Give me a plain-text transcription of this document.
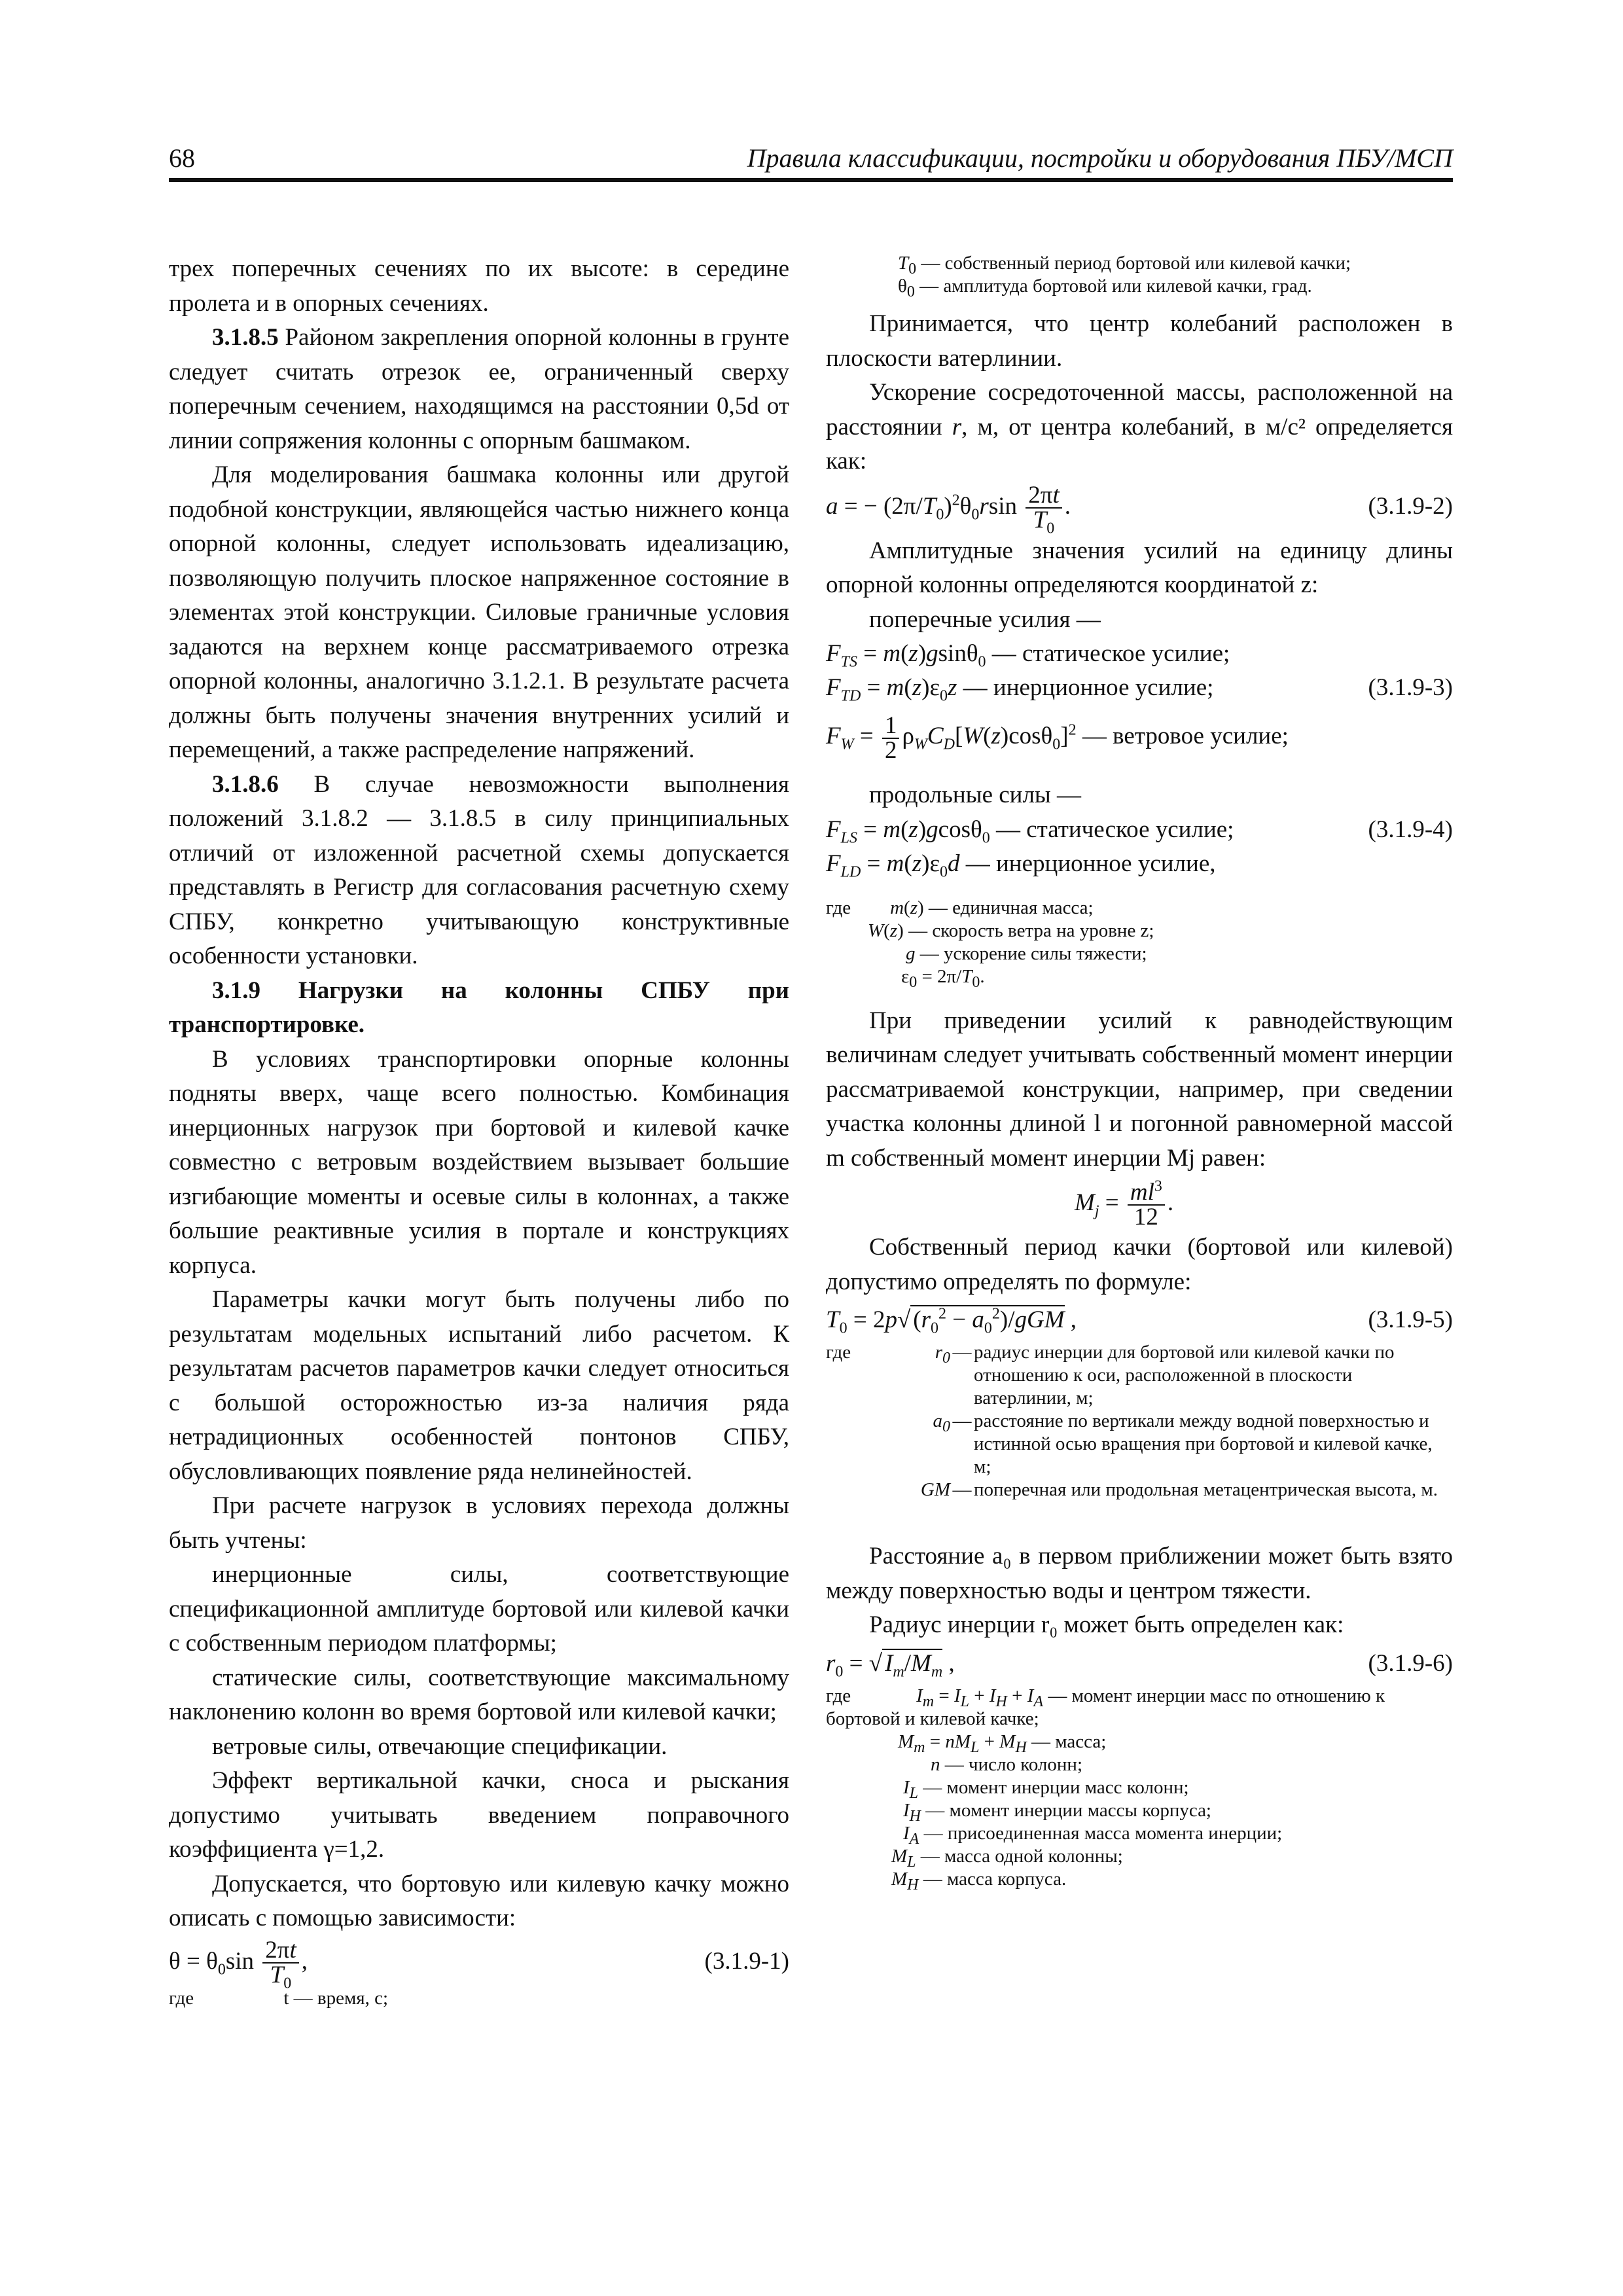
68	Правила классификации, постройки и оборудования ПБУ/МСП

трех поперечных сечениях по их высоте: в середине пролета и в опорных сечениях.

3.1.8.5 Районом закрепления опорной колонны в грунте следует считать отрезок ее, ограниченный сверху поперечным сечением, находящимся на расстоянии 0,5d от линии сопряжения колонны с опорным башмаком.

Для моделирования башмака колонны или другой подобной конструкции, являющейся частью нижнего конца опорной колонны, следует использовать идеализацию, позволяющую получить плоское напряженное состояние в элементах этой конструкции. Силовые граничные условия задаются на верхнем конце рассматриваемого отрезка опорной колонны, аналогично 3.1.2.1. В результате расчета должны быть получены значения внутренних усилий и перемещений, а также распределение напряжений.

3.1.8.6 В случае невозможности выполнения положений 3.1.8.2 — 3.1.8.5 в силу принципиальных отличий от изложенной расчетной схемы допускается представлять в Регистр для согласования расчетную схему СПБУ, конкретно учитывающую конструктивные особенности установки.

3.1.9 Нагрузки на колонны СПБУ при транспортировке.

В условиях транспортировки опорные колонны подняты вверх, чаще всего полностью. Комбинация инерционных нагрузок при бортовой и килевой качке совместно с ветровым воздействием вызывает большие изгибающие моменты и осевые силы в колоннах, а также большие реактивные усилия в портале и конструкциях корпуса.

Параметры качки могут быть получены либо по результатам модельных испытаний либо расчетом. К результатам расчетов параметров качки следует относиться с большой осторожностью из-за наличия ряда нетрадиционных особенностей понтонов СПБУ, обусловливающих появление ряда нелинейностей.

При расчете нагрузок в условиях перехода должны быть учтены:

инерционные силы, соответствующие спецификационной амплитуде бортовой или килевой качки с собственным периодом платформы;

статические силы, соответствующие максимальному наклонению колонн во время бортовой или килевой качки;

ветровые силы, отвечающие спецификации.

Эффект вертикальной качки, сноса и рыскания допустимо учитывать введением поправочного коэффициента γ=1,2.

Допускается, что бортовую или килевую качку можно описать с помощью зависимости:

$\theta = \theta_0\sin \frac{2\pi t}{T_0}$ ,	(3.1.9-1)
где	t — время, с;
$T_0$ — собственный период бортовой или килевой качки;
$\theta_0$ — амплитуда бортовой или килевой качки, град.

Принимается, что центр колебаний расположен в плоскости ватерлинии.

Ускорение сосредоточенной массы, расположенной на расстоянии r, м, от центра колебаний, в м/с² определяется как:

a = − $(2\pi/T_0)^2\theta_0rsin \frac{2\pi t}{T_0}$ .	(3.1.9-2)

Амплитудные значения усилий на единицу длины опорной колонны определяются координатой z:

поперечные усилия —

$F_{TS} = m(z)gsin\theta_0$ — статическое усилие;
$F_{TD} = m(z)\varepsilon_0z$ — инерционное усилие;	(3.1.9-3)
$F_W = \frac{1}{2} \rho_WC_D[W(z)\cos\theta_0]^2$ — ветровое усилие;

продольные силы —

$F_{LS} = m(z)gcos\theta_0$ — статическое усилие;	(3.1.9-4)
$F_{LD} = m(z)\varepsilon_0d$ — инерционное усилие,
где m(z) — единичная масса;
W(z) — скорость ветра на уровне z;
g — ускорение силы тяжести;
$\varepsilon_0 = 2\pi/T_0$.

При приведении усилий к равнодействующим величинам следует учитывать собственный момент инерции рассматриваемой конструкции, например, при сведении участка колонны длиной l и погонной равномерной массой m собственный момент инерции Mj равен:

$M_j = \frac{ml^3}{12}$ .

Собственный период качки (бортовой или килевой) допустимо определять по формуле:

$T_0 = 2p√$ $(r_0^2 - a_0^2)/gGM$ ,	(3.1.9-5)
где	$r_0$ — радиус инерции для бортовой или килевой качки по отношению к оси, расположенной в плоскости ватерлинии, м;
$a_0$ — расстояние по вертикали между водной поверхностью и истинной осью вращения при бортовой и килевой качке, м;
GM — поперечная или продольная метацентрическая высота, м.

Расстояние a₀ в первом приближении может быть взято между поверхностью воды и центром тяжести.

Радиус инерции r₀ может быть определен как:

$r_0$ = √ $I_m/M_m$ ,	(3.1.9-6)
где	$I_m = I_L + I_H + I_A$ — момент инерции масс по отношению к бортовой и килевой качке;
$M_m = nM_L + M_H$ — масса;
n — число колонн;
$I_L$ — момент инерции масс колонн;
$I_H$ — момент инерции массы корпуса;
$I_A$ — присоединенная масса момента инерции;
$M_L$ — масса одной колонны;
$M_H$ — масса корпуса.
